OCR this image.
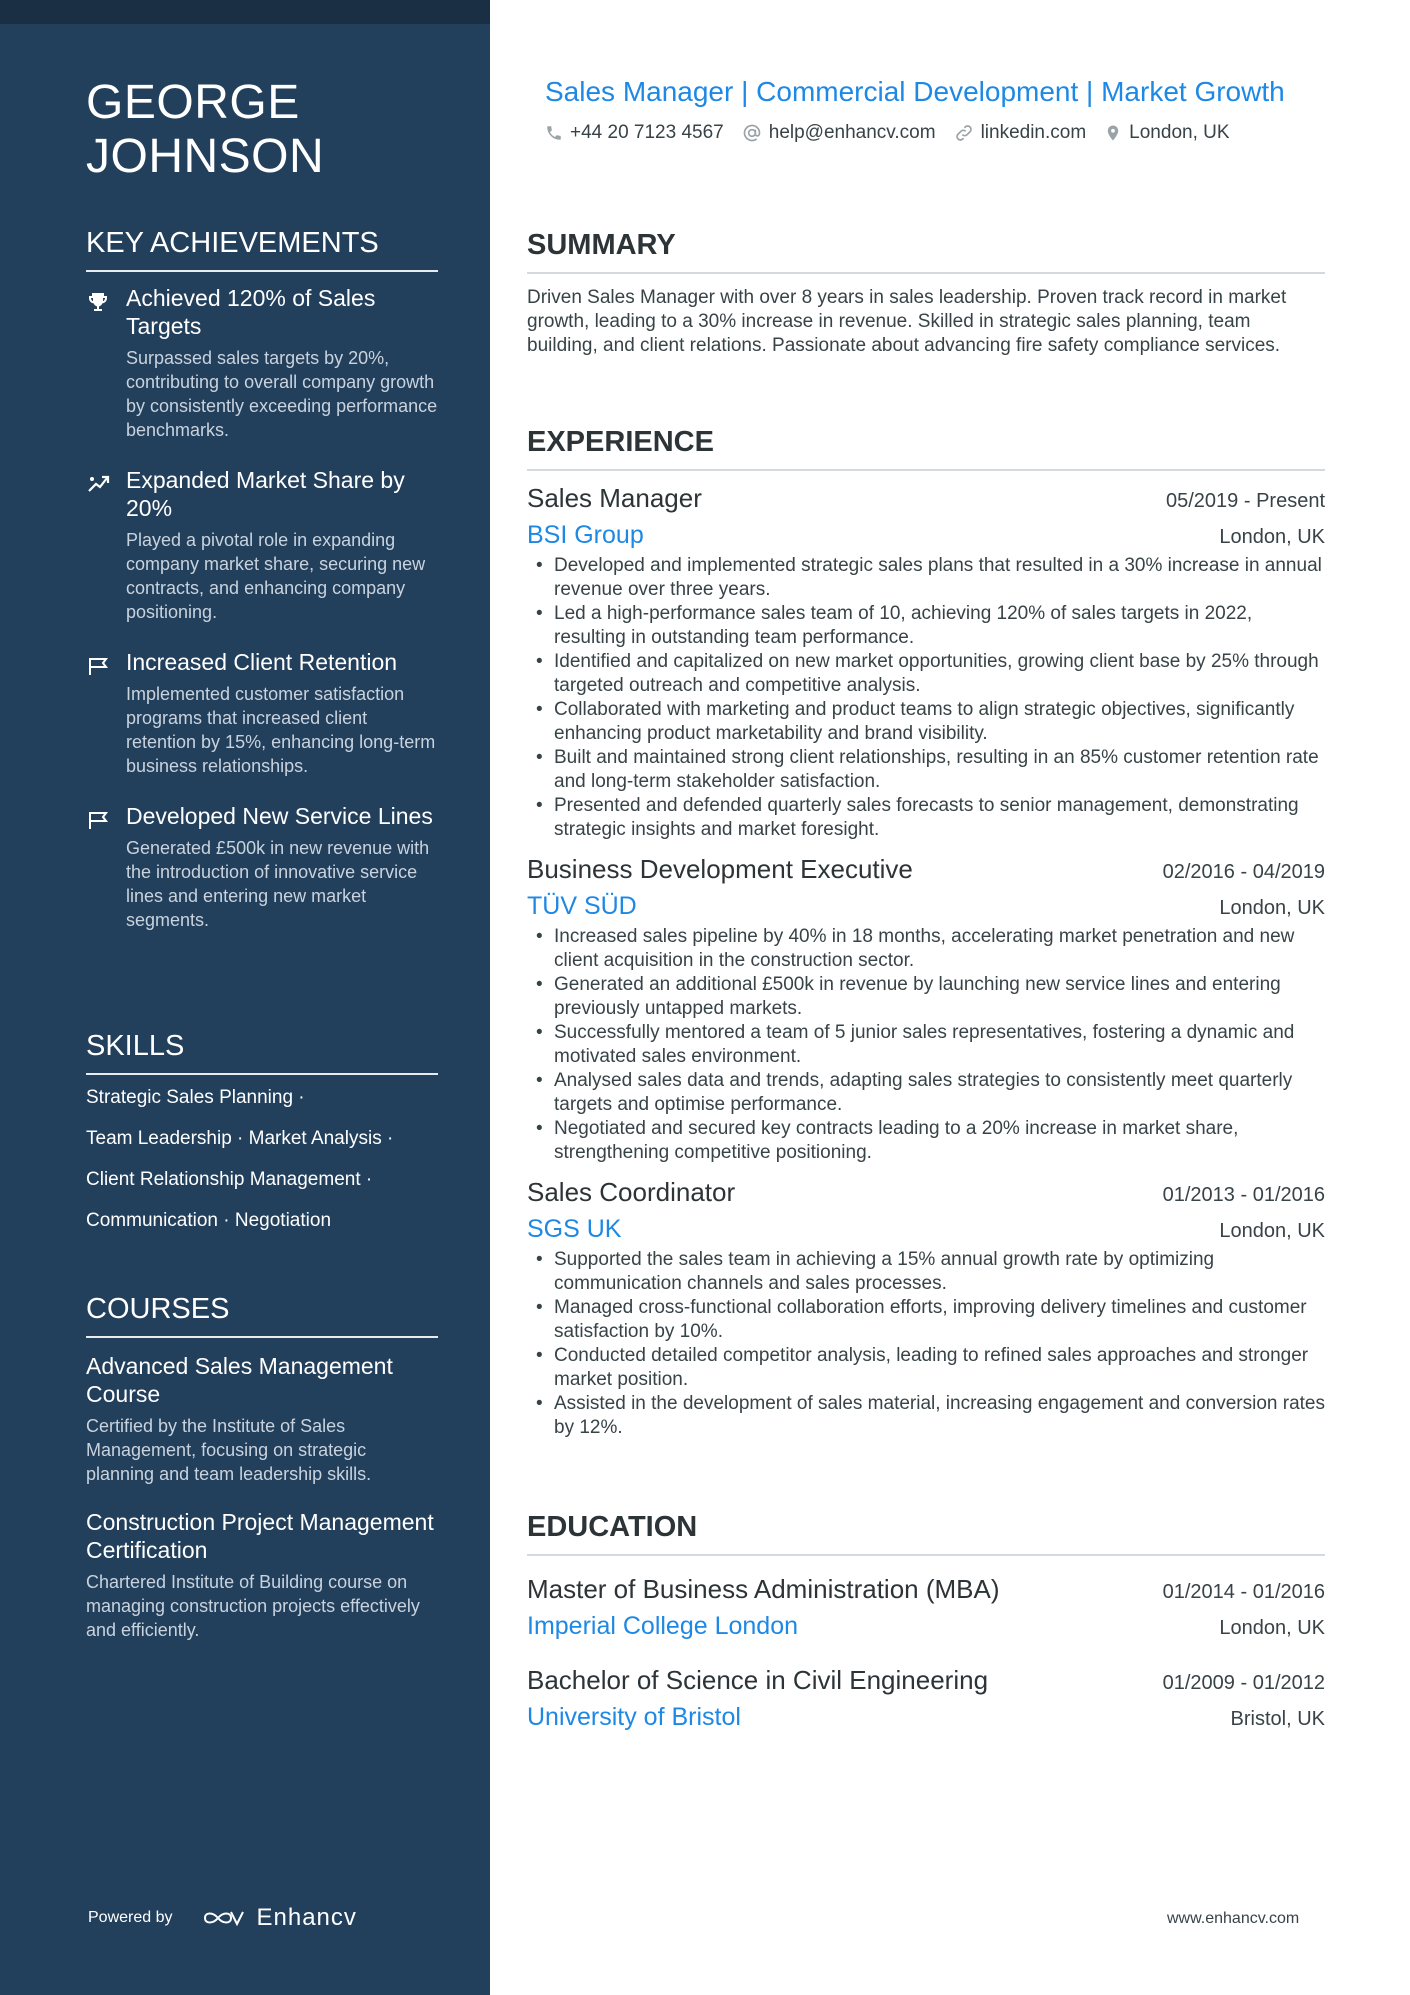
GEORGE JOHNSON
KEY ACHIEVEMENTS
Achieved 120% of Sales Targets
Surpassed sales targets by 20%, contributing to overall company growth by consistently exceeding performance benchmarks.
Expanded Market Share by 20%
Played a pivotal role in expanding company market share, securing new contracts, and enhancing company positioning.
Increased Client Retention
Implemented customer satisfaction programs that increased client retention by 15%, enhancing long-term business relationships.
Developed New Service Lines
Generated £500k in new revenue with the introduction of innovative service lines and entering new market segments.
SKILLS
Strategic Sales Planning ·
Team Leadership · Market Analysis ·
Client Relationship Management ·
Communication · Negotiation
COURSES
Advanced Sales Management Course
Certified by the Institute of Sales Management, focusing on strategic planning and team leadership skills.
Construction Project Management Certification
Chartered Institute of Building course on managing construction projects effectively and efficiently.
Powered by	Enhancv
Sales Manager | Commercial Development | Market Growth
+44 20 7123 4567 help@enhancv.com linkedin.com London, UK
SUMMARY

Driven Sales Manager with over 8 years in sales leadership. Proven track record in market growth, leading to a 30% increase in revenue. Skilled in strategic sales planning, team building, and client relations. Passionate about advancing fire safety compliance services.

EXPERIENCE
Sales Manager	05/2019 - Present
BSI Group	London, UK
• Developed and implemented strategic sales plans that resulted in a 30% increase in annual revenue over three years.
• Led a high-performance sales team of 10, achieving 120% of sales targets in 2022, resulting in outstanding team performance.
• Identified and capitalized on new market opportunities, growing client base by 25% through targeted outreach and competitive analysis.
• Collaborated with marketing and product teams to align strategic objectives, significantly enhancing product marketability and brand visibility.
• Built and maintained strong client relationships, resulting in an 85% customer retention rate and long-term stakeholder satisfaction.
• Presented and defended quarterly sales forecasts to senior management, demonstrating strategic insights and market foresight.
Business Development Executive	02/2016 - 04/2019
TÜV SÜD	London, UK
• Increased sales pipeline by 40% in 18 months, accelerating market penetration and new client acquisition in the construction sector.
• Generated an additional £500k in revenue by launching new service lines and entering previously untapped markets.
• Successfully mentored a team of 5 junior sales representatives, fostering a dynamic and motivated sales environment.
• Analysed sales data and trends, adapting sales strategies to consistently meet quarterly targets and optimise performance.
• Negotiated and secured key contracts leading to a 20% increase in market share, strengthening competitive positioning.
Sales Coordinator	01/2013 - 01/2016
SGS UK	London, UK
• Supported the sales team in achieving a 15% annual growth rate by optimizing communication channels and sales processes.
• Managed cross-functional collaboration efforts, improving delivery timelines and customer satisfaction by 10%.
• Conducted detailed competitor analysis, leading to refined sales approaches and stronger market position.
• Assisted in the development of sales material, increasing engagement and conversion rates by 12%.
EDUCATION
Master of Business Administration (MBA)	01/2014 - 01/2016
Imperial College London	London, UK
Bachelor of Science in Civil Engineering	01/2009 - 01/2012
University of Bristol	Bristol, UK
www.enhancv.com
